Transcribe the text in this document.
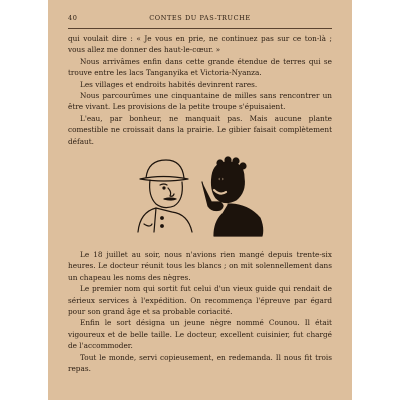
40	CONTES DU PAS-TRUCHE

qui voulait dire : « Je vous en prie, ne continuez pas sur ce ton-là ; vous allez me donner des haut-le-cœur. »

Nous arrivâmes enfin dans cette grande étendue de terres qui se trouve entre les lacs Tanganyika et Victoria-Nyanza.

Les villages et endroits habités devinrent rares.

Nous parcourûmes une cinquantaine de milles sans rencontrer un être vivant. Les provisions de la petite troupe s'épuisaient.

L'eau, par bonheur, ne manquait pas. Mais aucune plante comestible ne croissait dans la prairie. Le gibier faisait complètement défaut.

Le 18 juillet au soir, nous n'avions rien mangé depuis trente-six heures. Le docteur réunit tous les blancs ; on mit solennellement dans un chapeau les noms des nègres.

Le premier nom qui sortit fut celui d'un vieux guide qui rendait de sérieux services à l'expédition. On recommença l'épreuve par égard pour son grand âge et sa probable coriacité.

Enfin le sort désigna un jeune nègre nommé Counou. Il était vigoureux et de belle taille. Le docteur, excellent cuisinier, fut chargé de l'accommoder.

Tout le monde, servi copieusement, en redemanda. Il nous fit trois repas.
